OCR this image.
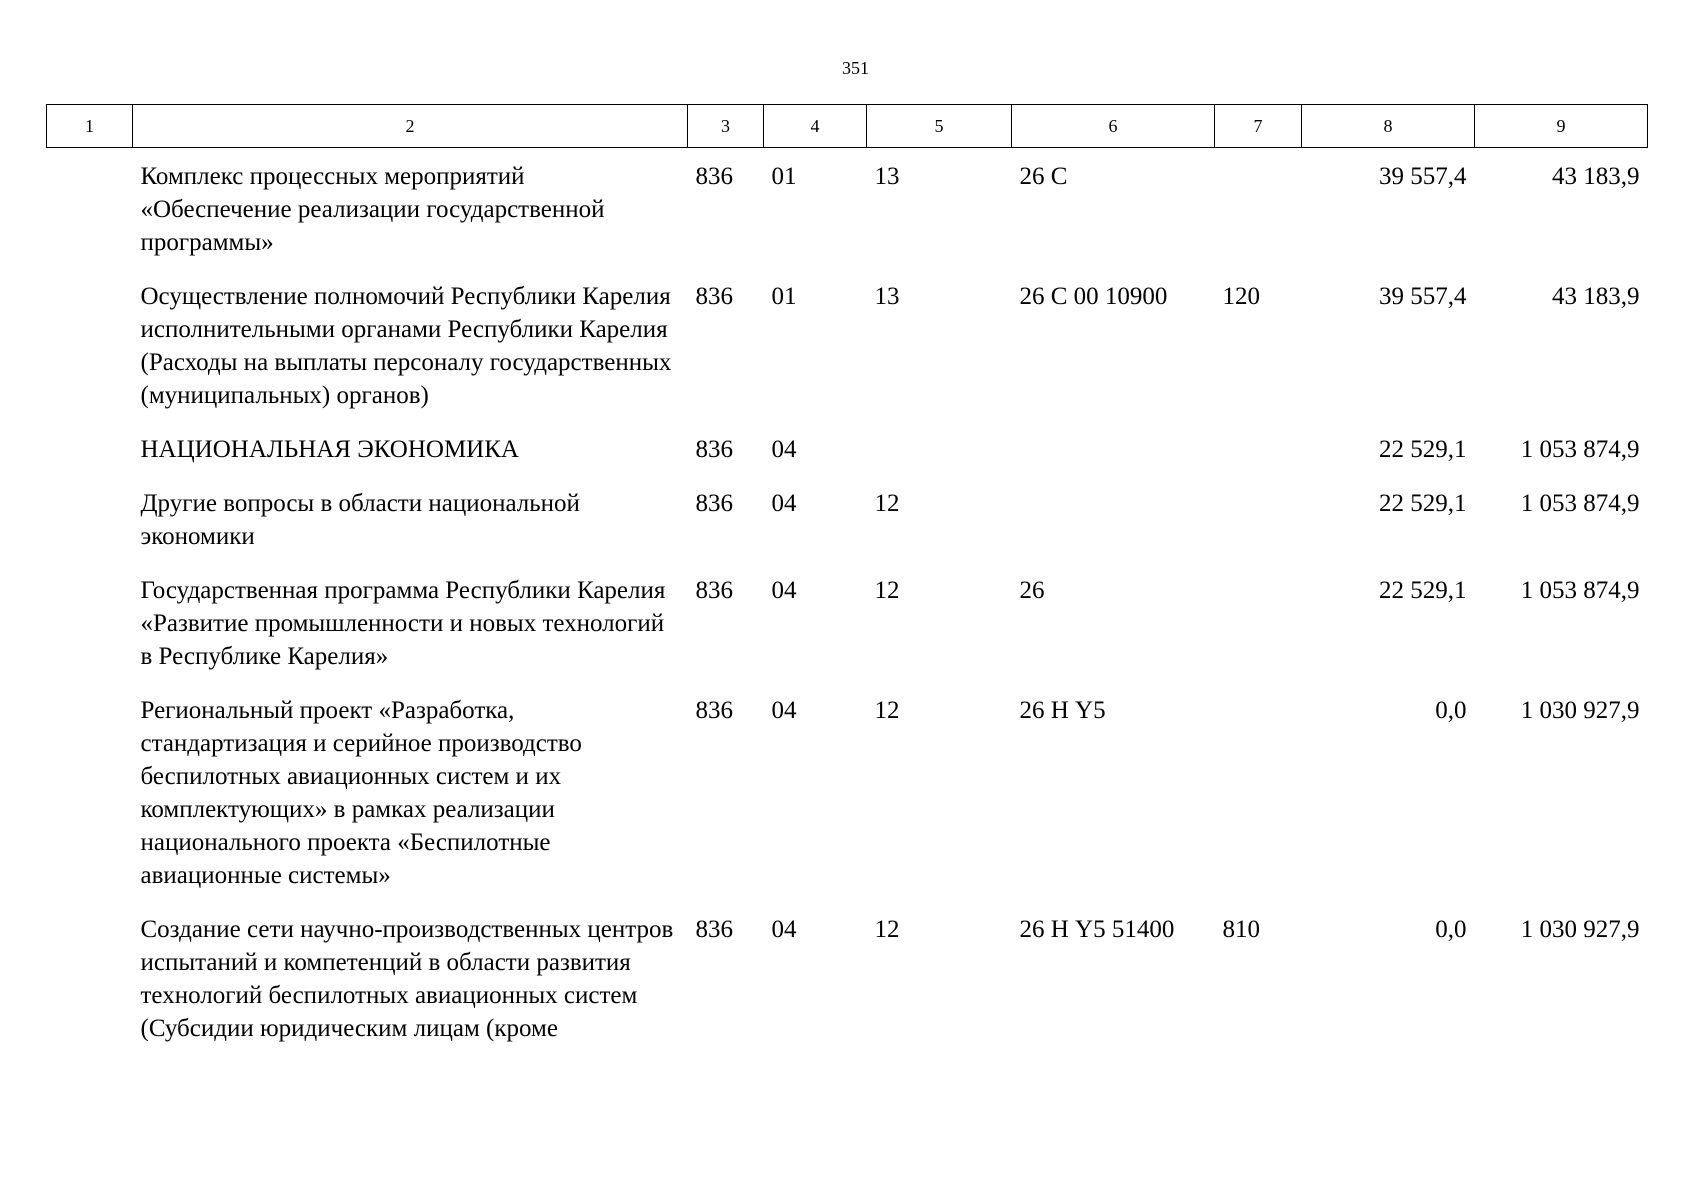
351
1	2	3	4	5	6	7	8	9
	Комплекс процессных мероприятий «Обеспечение реализации государственной программы»	836	01	13	26 С		39 557,4	43 183,9
	Осуществление полномочий Республики Карелия исполнительными органами Республики Карелия (Расходы на выплаты персоналу государственных (муниципальных) органов)	836	01	13	26 С 00 10900	120	39 557,4	43 183,9
	НАЦИОНАЛЬНАЯ ЭКОНОМИКА	836	04				22 529,1	1 053 874,9
	Другие вопросы в области национальной экономики	836	04	12			22 529,1	1 053 874,9
	Государственная программа Республики Карелия «Развитие промышленности и новых технологий в Республике Карелия»	836	04	12	26		22 529,1	1 053 874,9
	Региональный проект «Разработка, стандартизация и серийное производство беспилотных авиационных систем и их комплектующих» в рамках реализации национального проекта «Беспилотные авиационные системы»	836	04	12	26 Н Y5		0,0	1 030 927,9
	Создание сети научно-производственных центров испытаний и компетенций в области развития технологий беспилотных авиационных систем (Субсидии юридическим лицам (кроме	836	04	12	26 Н Y5 51400	810	0,0	1 030 927,9
